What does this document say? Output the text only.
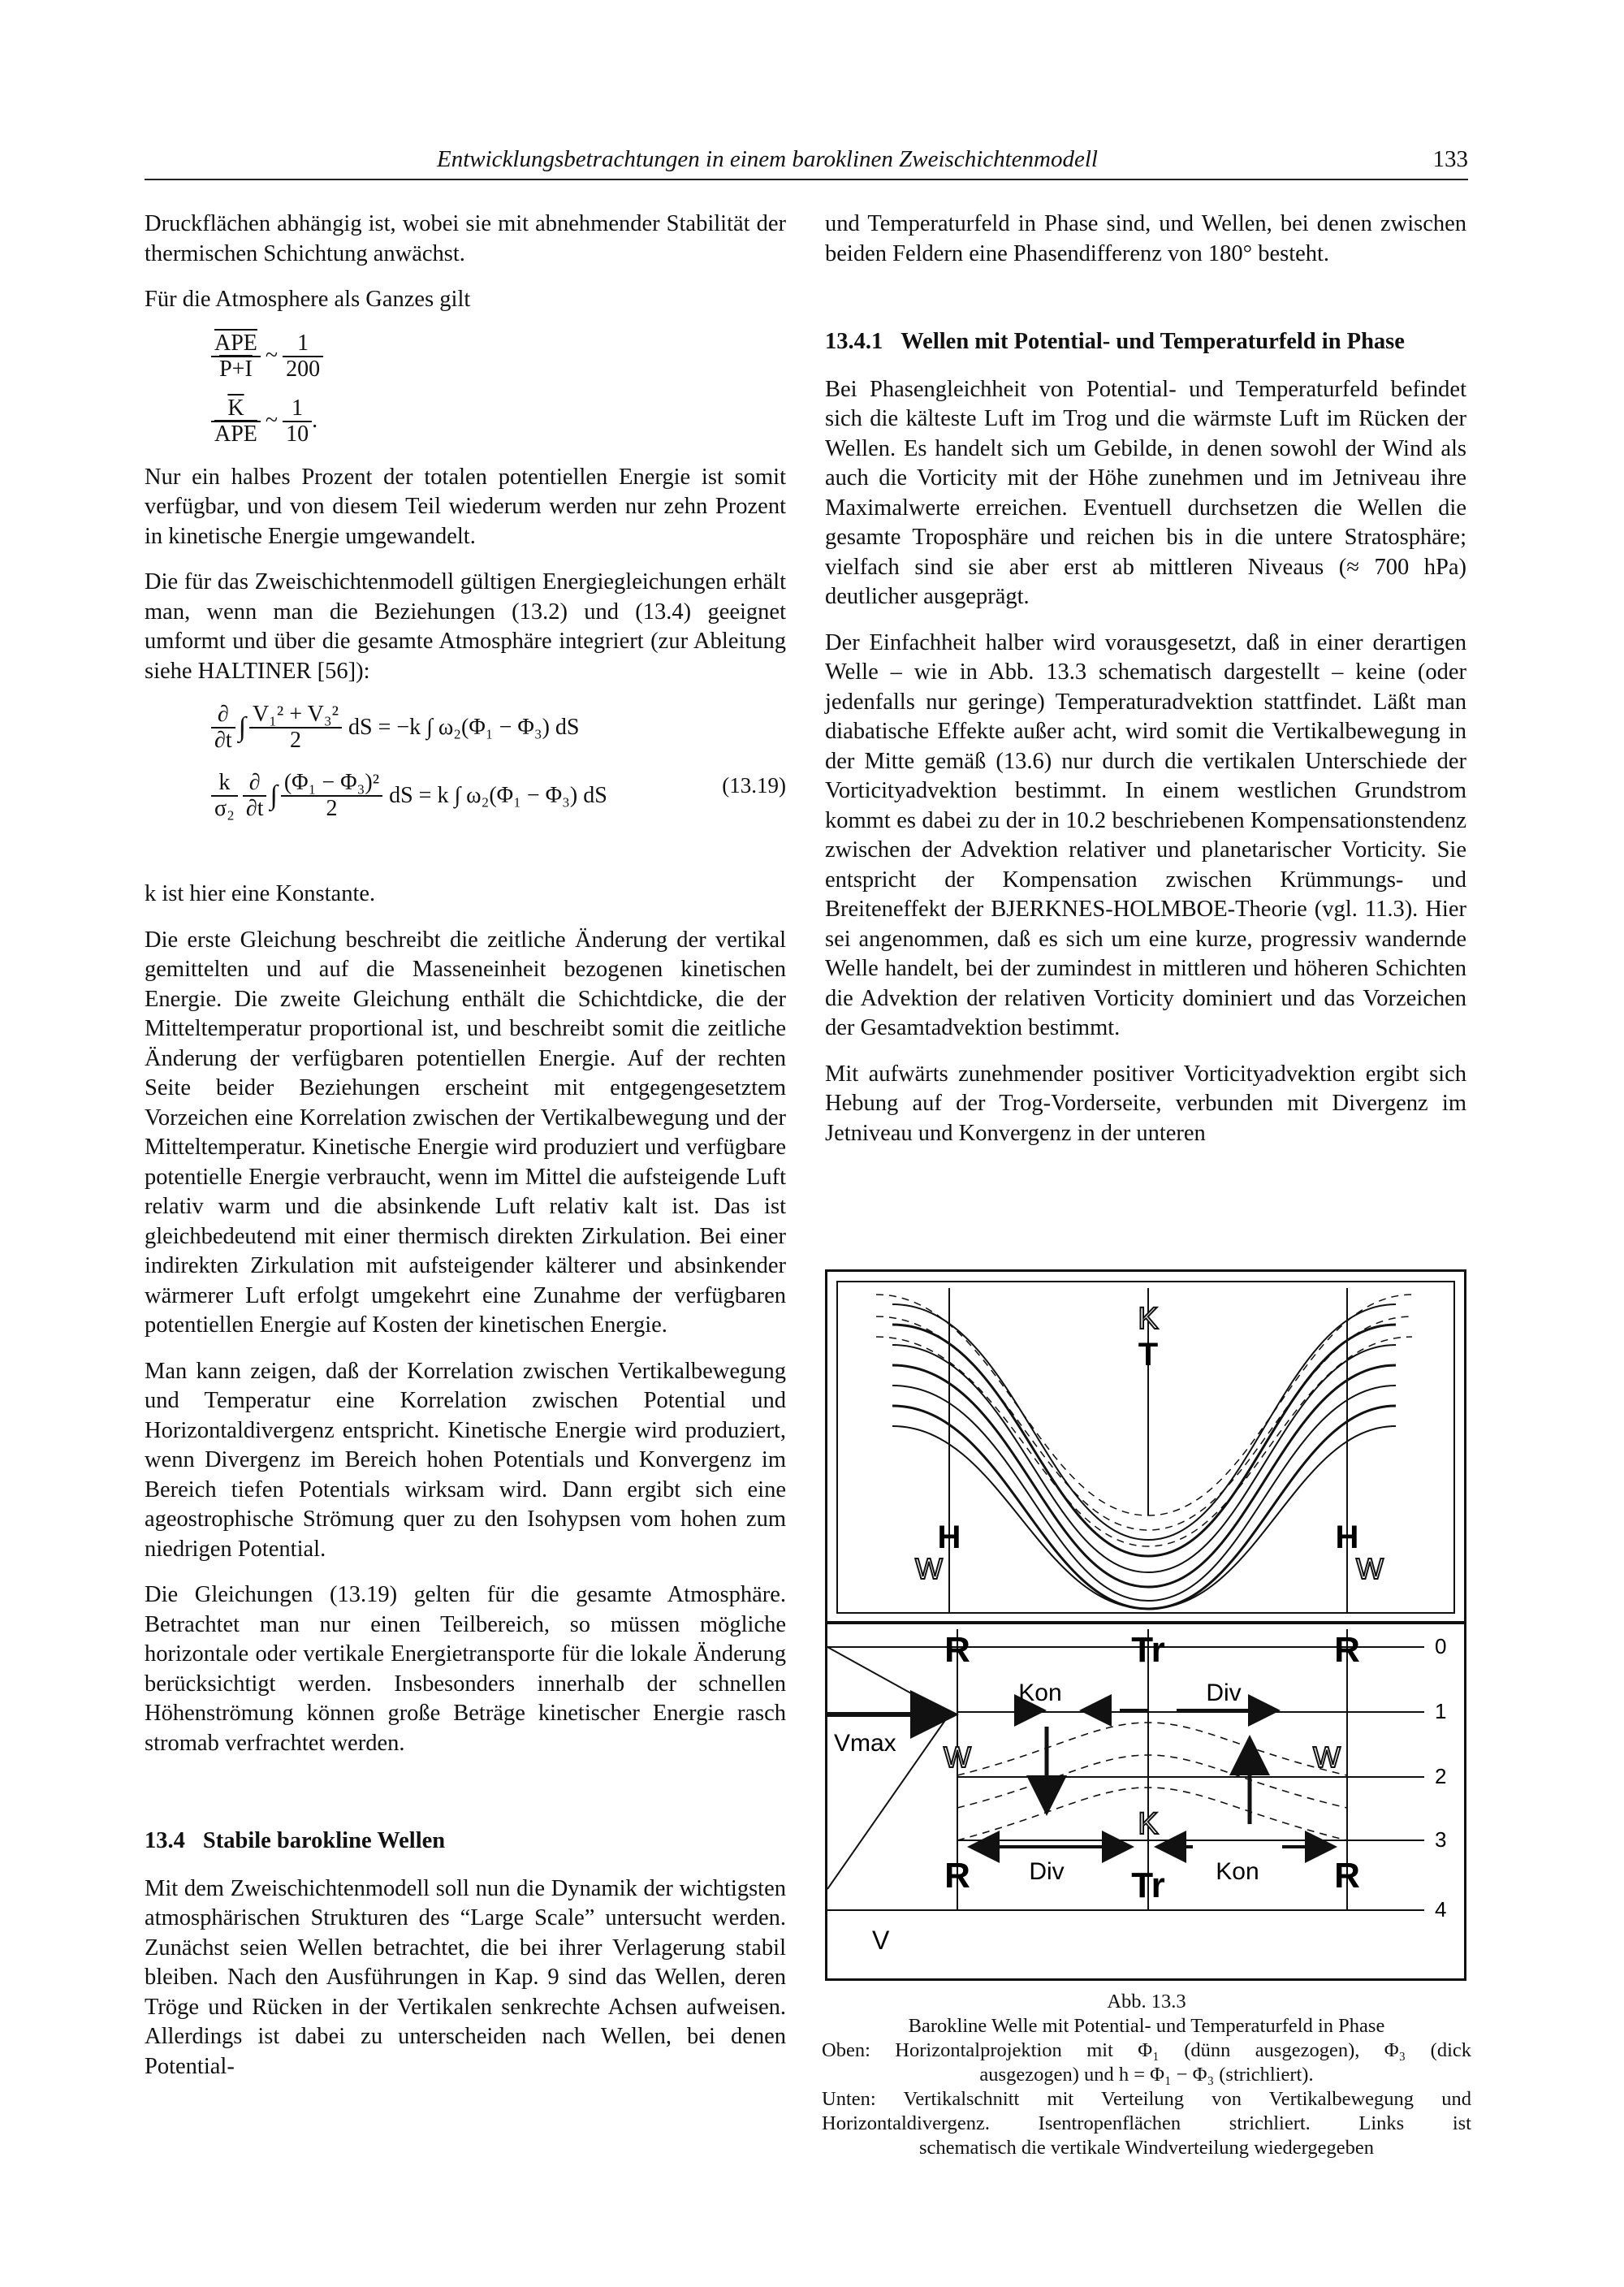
Entwicklungsbetrachtungen in einem baroklinen Zweischichtenmodell	133

Druckflächen abhängig ist, wobei sie mit abnehmender Stabilität der thermischen Schichtung anwächst.

Für die Atmosphere als Ganzes gilt

$\frac{\overline{APE}}{P+I}$ ~ $\frac{1}{200}$
$\frac{\overline{K}}{\text{APE}}$ ~ $\frac{1}{10}$ .

Nur ein halbes Prozent der totalen potentiellen Energie ist somit verfügbar, und von diesem Teil wiederum werden nur zehn Prozent in kinetische Energie umgewandelt.

Die für das Zweischichtenmodell gültigen Energiegleichungen erhält man, wenn man die Beziehungen (13.2) und (13.4) geeignet umformt und über die gesamte Atmosphäre integriert (zur Ableitung siehe HALTINER [56]):

$\frac{\partial}{\partial t}$ ∫ $\frac{\text{V₁² + V₃²}}{2}$ dS = −k ∫ ω₂(Φ₁ − Φ₃) dS
$\frac{k}{\text{σ₂}} \frac{\partial}{\partial t}$ ∫ $\frac{\text{(Φ₁ − Φ₃)²}}{2}$ dS = k ∫ ω₂(Φ₁ − Φ₃) dS	(13.19)

k ist hier eine Konstante.

Die erste Gleichung beschreibt die zeitliche Änderung der vertikal gemittelten und auf die Masseneinheit bezogenen kinetischen Energie. Die zweite Gleichung enthält die Schichtdicke, die der Mitteltemperatur proportional ist, und beschreibt somit die zeitliche Änderung der verfügbaren potentiellen Energie. Auf der rechten Seite beider Beziehungen erscheint mit entgegengesetztem Vorzeichen eine Korrelation zwischen der Vertikalbewegung und der Mitteltemperatur. Kinetische Energie wird produziert und verfügbare potentielle Energie verbraucht, wenn im Mittel die aufsteigende Luft relativ warm und die absinkende Luft relativ kalt ist. Das ist gleichbedeutend mit einer thermisch direkten Zirkulation. Bei einer indirekten Zirkulation mit aufsteigender kälterer und absinkender wärmerer Luft erfolgt umgekehrt eine Zunahme der verfügbaren potentiellen Energie auf Kosten der kinetischen Energie.

Man kann zeigen, daß der Korrelation zwischen Vertikalbewegung und Temperatur eine Korrelation zwischen Potential und Horizontaldivergenz entspricht. Kinetische Energie wird produziert, wenn Divergenz im Bereich hohen Potentials und Konvergenz im Bereich tiefen Potentials wirksam wird. Dann ergibt sich eine ageostrophische Strömung quer zu den Isohypsen vom hohen zum niedrigen Potential.

Die Gleichungen (13.19) gelten für die gesamte Atmosphäre. Betrachtet man nur einen Teilbereich, so müssen mögliche horizontale oder vertikale Energietransporte für die lokale Änderung berücksichtigt werden. Insbesonders innerhalb der schnellen Höhenströmung können große Beträge kinetischer Energie rasch stromab verfrachtet werden.

13.4 Stabile barokline Wellen

Mit dem Zweischichtenmodell soll nun die Dynamik der wichtigsten atmosphärischen Strukturen des “Large Scale” untersucht werden. Zunächst seien Wellen betrachtet, die bei ihrer Verlagerung stabil bleiben. Nach den Ausführungen in Kap. 9 sind das Wellen, deren Tröge und Rücken in der Vertikalen senkrechte Achsen aufweisen. Allerdings ist dabei zu unterscheiden nach Wellen, bei denen Potential-

und Temperaturfeld in Phase sind, und Wellen, bei denen zwischen beiden Feldern eine Phasendifferenz von 180° besteht.

13.4.1 Wellen mit Potential- und Temperaturfeld in Phase

Bei Phasengleichheit von Potential- und Temperaturfeld befindet sich die kälteste Luft im Trog und die wärmste Luft im Rücken der Wellen. Es handelt sich um Gebilde, in denen sowohl der Wind als auch die Vorticity mit der Höhe zunehmen und im Jetniveau ihre Maximalwerte erreichen. Eventuell durchsetzen die Wellen die gesamte Troposphäre und reichen bis in die untere Stratosphäre; vielfach sind sie aber erst ab mittleren Niveaus (≈ 700 hPa) deutlicher ausgeprägt.

Der Einfachheit halber wird vorausgesetzt, daß in einer derartigen Welle – wie in Abb. 13.3 schematisch dargestellt – keine (oder jedenfalls nur geringe) Temperaturadvektion stattfindet. Läßt man diabatische Effekte außer acht, wird somit die Vertikalbewegung in der Mitte gemäß (13.6) nur durch die vertikalen Unterschiede der Vorticityadvektion bestimmt. In einem westlichen Grundstrom kommt es dabei zu der in 10.2 beschriebenen Kompensationstendenz zwischen der Advektion relativer und planetarischer Vorticity. Sie entspricht der Kompensation zwischen Krümmungs- und Breiteneffekt der BJERKNES-HOLMBOE-Theorie (vgl. 11.3). Hier sei angenommen, daß es sich um eine kurze, progressiv wandernde Welle handelt, bei der zumindest in mittleren und höheren Schichten die Advektion der relativen Vorticity dominiert und das Vorzeichen der Gesamtadvektion bestimmt.

Mit aufwärts zunehmender positiver Vorticityadvektion ergibt sich Hebung auf der Trog-Vorderseite, verbunden mit Divergenz im Jetniveau und Konvergenz in der unteren

K
T
H
W
H
W
0
1
2
3
4
Vmax
V
R	Tr	R
Kon	Div
W	W
K
R	Tr	R
Div	Kon
Abb. 13.3
Barokline Welle mit Potential- und Temperaturfeld in Phase
Oben: Horizontalprojektion mit Φ₁ (dünn ausgezogen), Φ₃ (dick
ausgezogen) und h = Φ₁ − Φ₃ (strichliert).
Unten: Vertikalschnitt mit Verteilung von Vertikalbewegung und
Horizontaldivergenz. Isentropenflächen strichliert. Links ist
schematisch die vertikale Windverteilung wiedergegeben
